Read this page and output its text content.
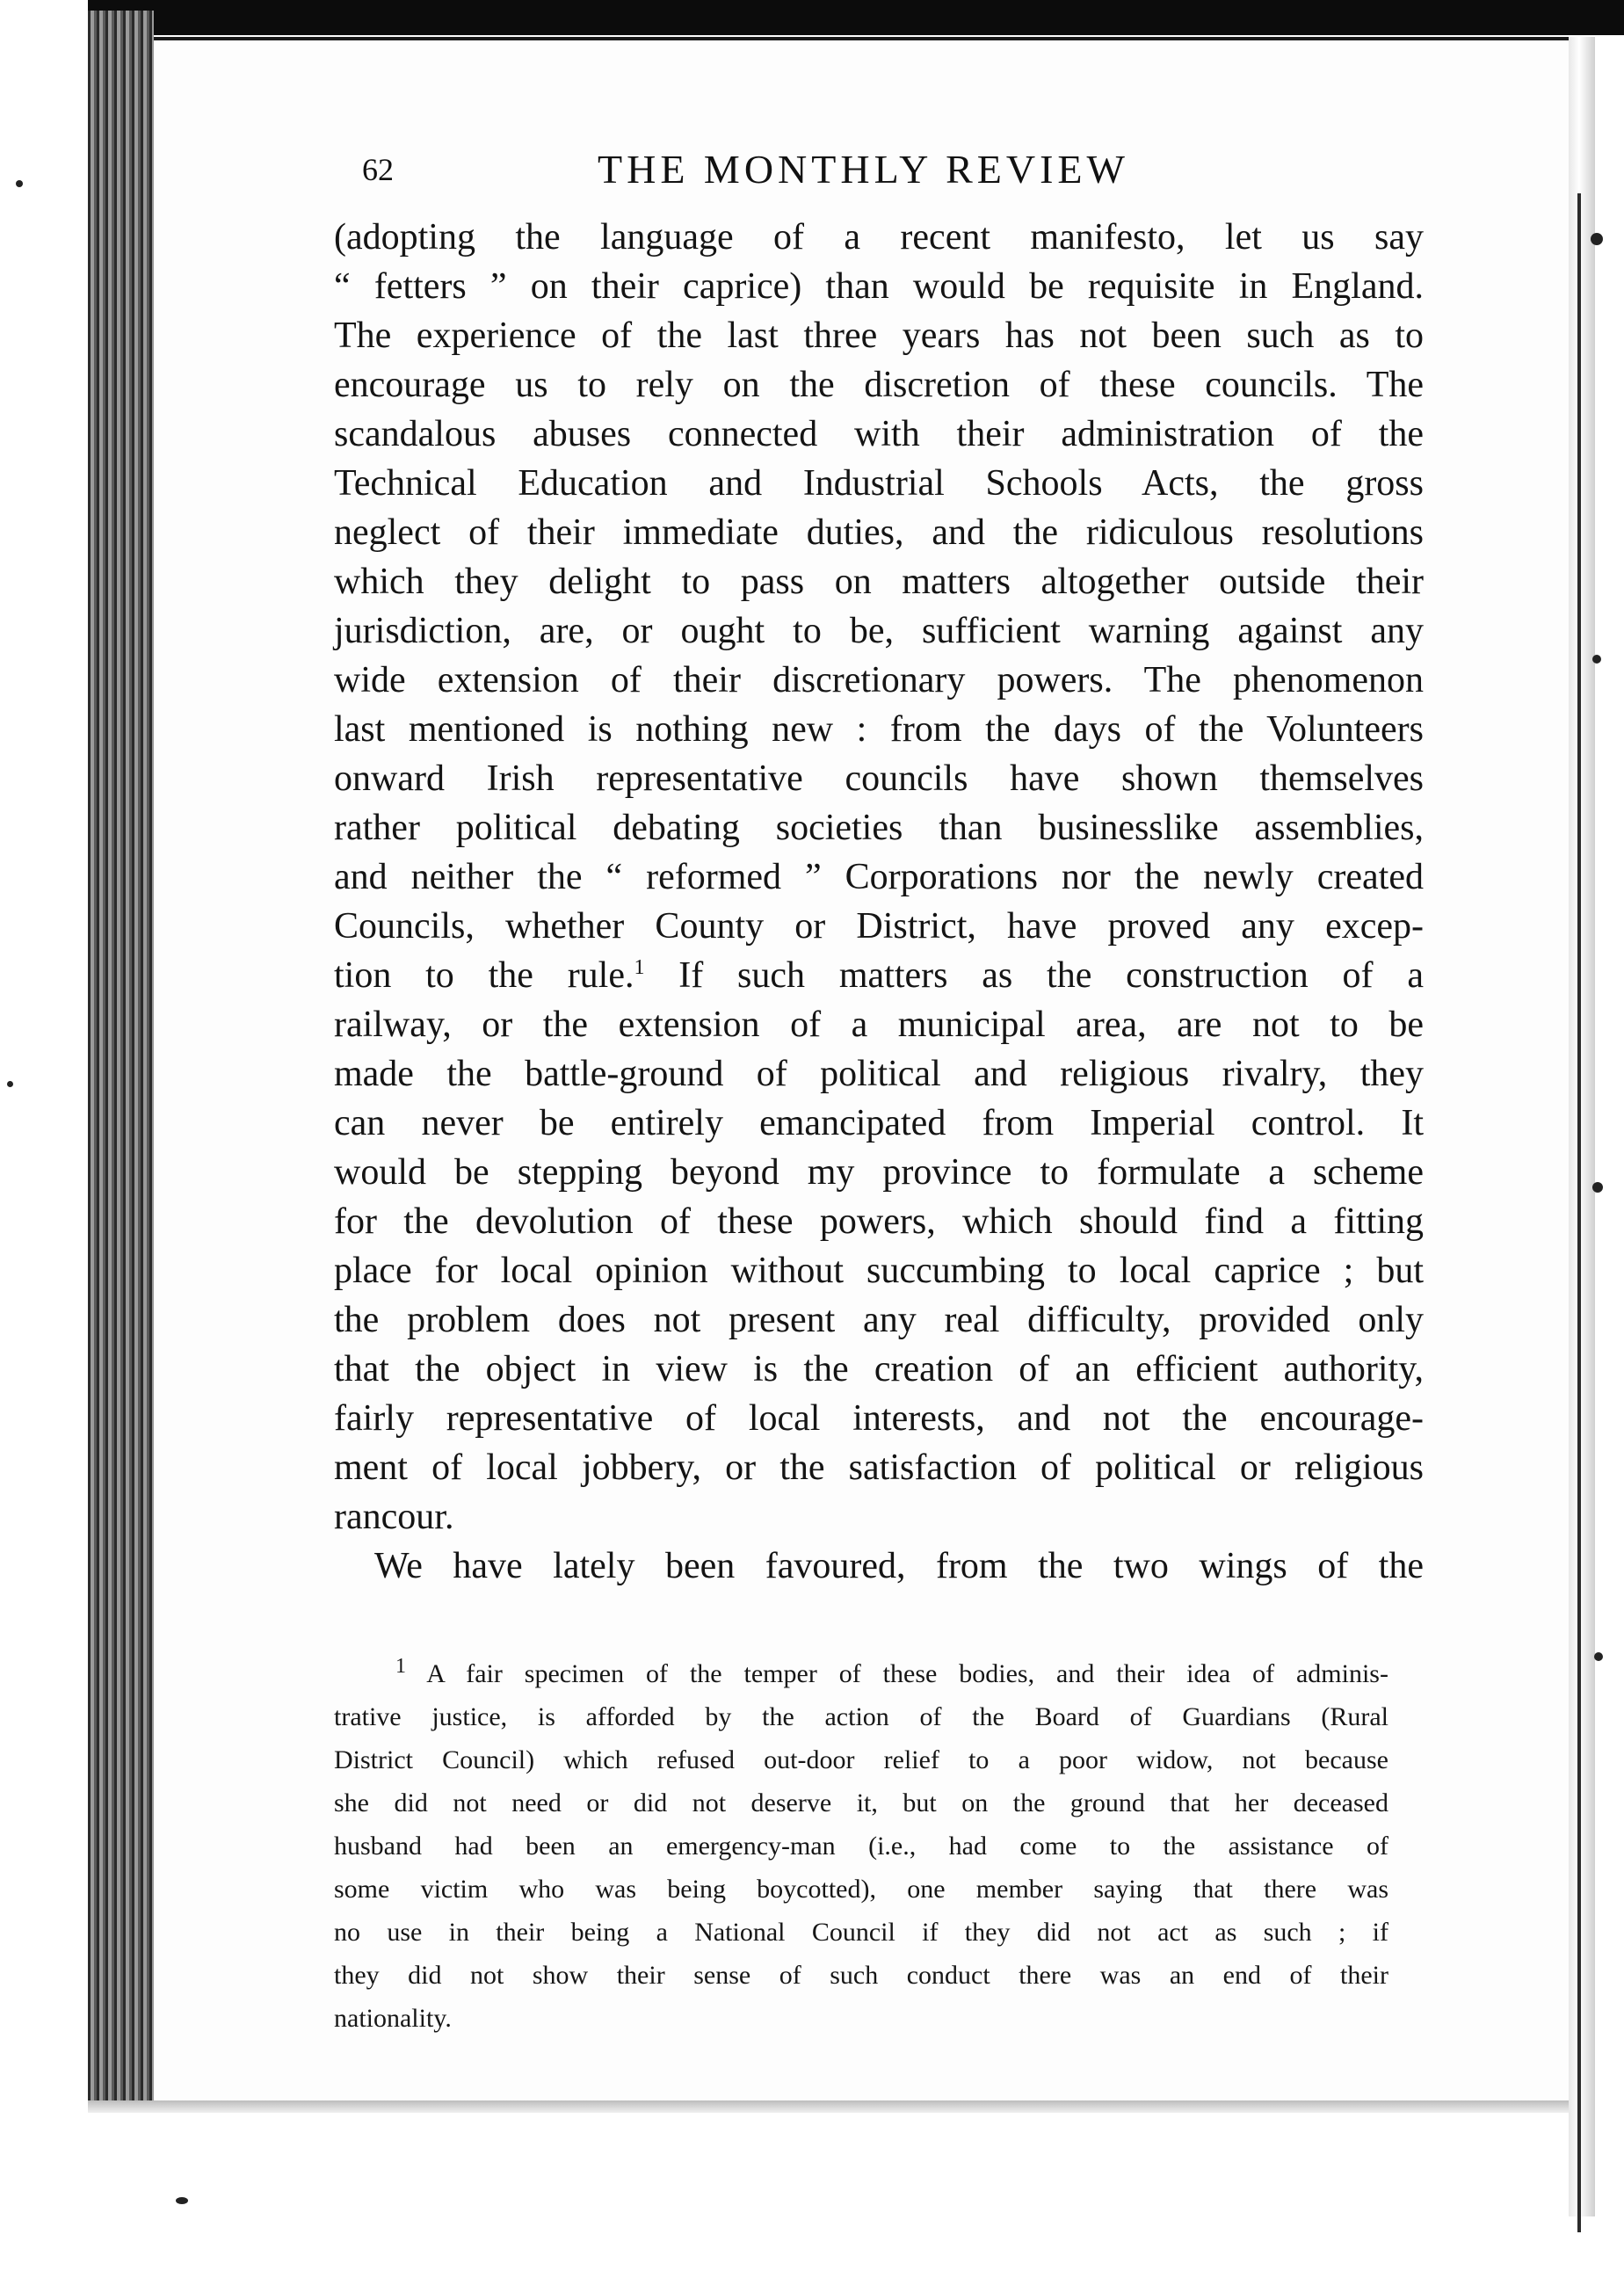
62	THE MONTHLY REVIEW
(adopting the language of a recent manifesto, let us say
“ fetters ” on their caprice) than would be requisite in England.
The experience of the last three years has not been such as to
encourage us to rely on the discretion of these councils. The
scandalous abuses connected with their administration of the
Technical Education and Industrial Schools Acts, the gross
neglect of their immediate duties, and the ridiculous resolutions
which they delight to pass on matters altogether outside their
jurisdiction, are, or ought to be, sufficient warning against any
wide extension of their discretionary powers. The phenomenon
last mentioned is nothing new : from the days of the Volunteers
onward Irish representative councils have shown themselves
rather political debating societies than businesslike assemblies,
and neither the “ reformed ” Corporations nor the newly created
Councils, whether County or District, have proved any excep-
tion to the rule.$^1$ If such matters as the construction of a
railway, or the extension of a municipal area, are not to be
made the battle-ground of political and religious rivalry, they
can never be entirely emancipated from Imperial control. It
would be stepping beyond my province to formulate a scheme
for the devolution of these powers, which should find a fitting
place for local opinion without succumbing to local caprice ; but
the problem does not present any real difficulty, provided only
that the object in view is the creation of an efficient authority,
fairly representative of local interests, and not the encourage-
ment of local jobbery, or the satisfaction of political or religious
rancour.
We have lately been favoured, from the two wings of the
$^1$ A fair specimen of the temper of these bodies, and their idea of adminis-
trative justice, is afforded by the action of the Board of Guardians (Rural
District Council) which refused out-door relief to a poor widow, not because
she did not need or did not deserve it, but on the ground that her deceased
husband had been an emergency-man (i.e., had come to the assistance of
some victim who was being boycotted), one member saying that there was
no use in their being a National Council if they did not act as such ; if
they did not show their sense of such conduct there was an end of their
nationality.
